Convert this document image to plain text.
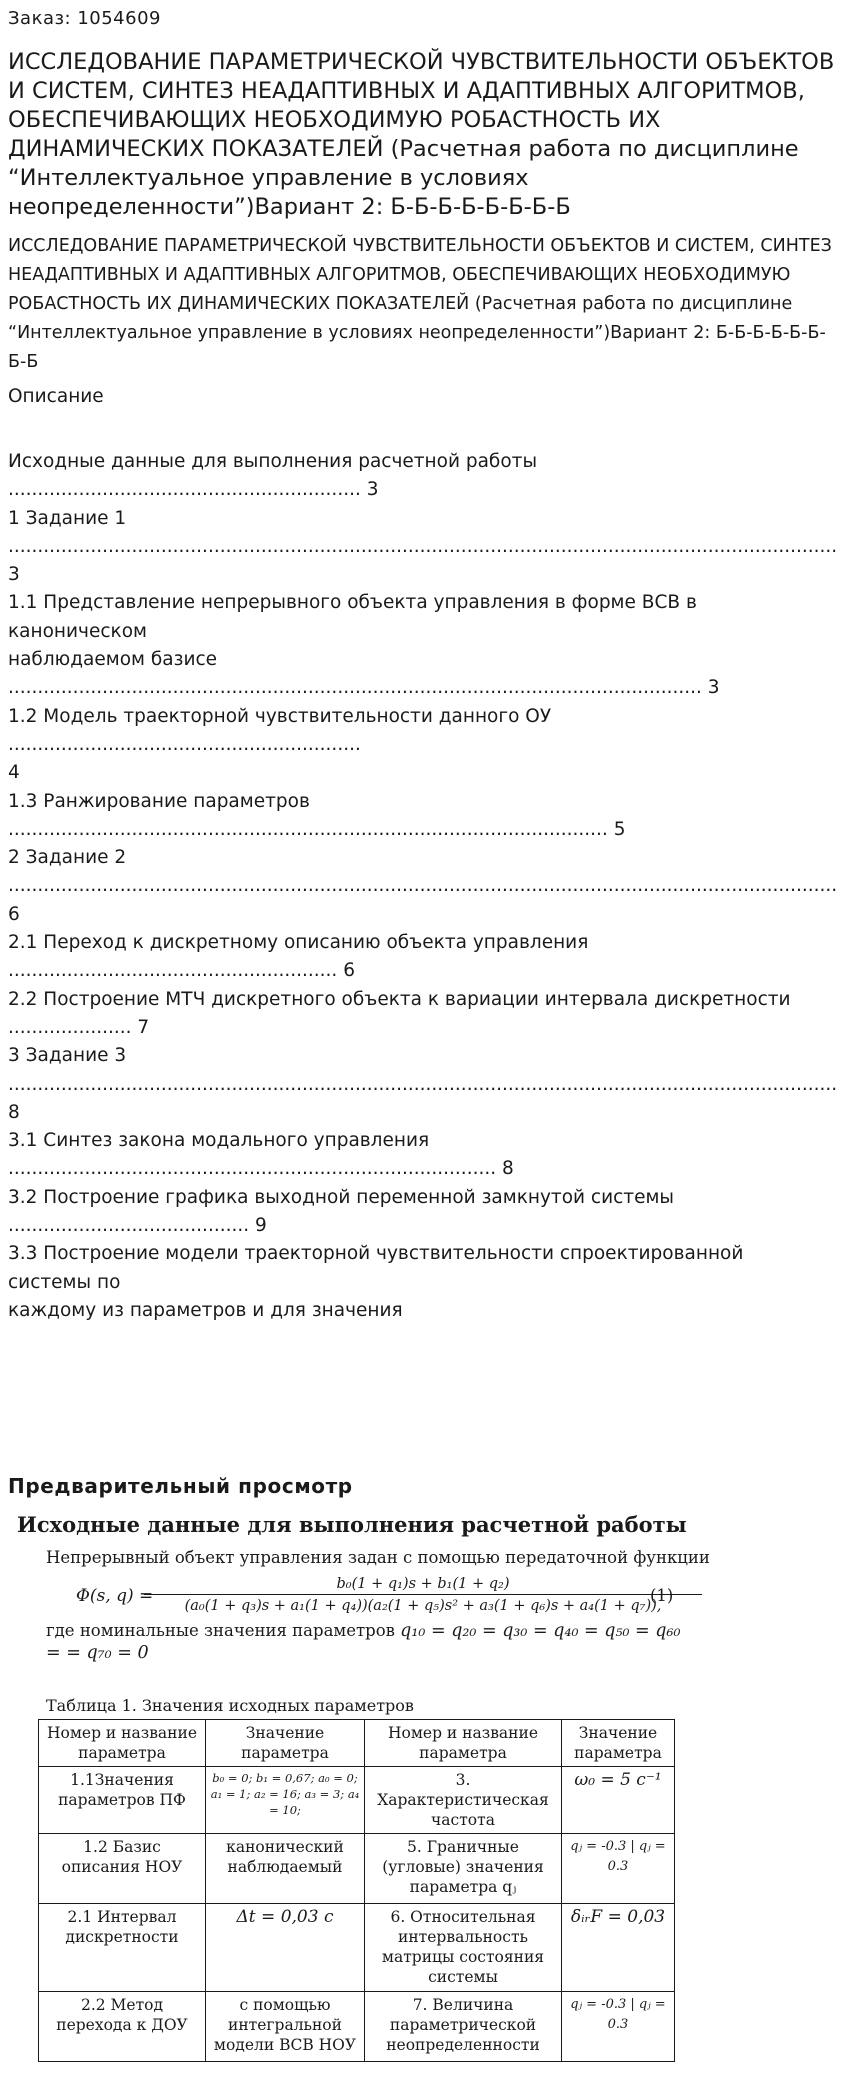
Заказ: 1054609
ИССЛЕДОВАНИЕ ПАРАМЕТРИЧЕСКОЙ ЧУВСТВИТЕЛЬНОСТИ ОБЪЕКТОВ И СИСТЕМ, СИНТЕЗ НЕАДАПТИВНЫХ И АДАПТИВНЫХ АЛГОРИТМОВ, ОБЕСПЕЧИВАЮЩИХ НЕОБХОДИМУЮ РОБАСТНОСТЬ ИХ ДИНАМИЧЕСКИХ ПОКАЗАТЕЛЕЙ (Расчетная работа по дисциплине “Интеллектуальное управление в условиях неопределенности”)Вариант 2: Б-Б-Б-Б-Б-Б-Б-Б
ИССЛЕДОВАНИЕ ПАРАМЕТРИЧЕСКОЙ ЧУВСТВИТЕЛЬНОСТИ ОБЪЕКТОВ И СИСТЕМ, СИНТЕЗ НЕАДАПТИВНЫХ И АДАПТИВНЫХ АЛГОРИТМОВ, ОБЕСПЕЧИВАЮЩИХ НЕОБХОДИМУЮ РОБАСТНОСТЬ ИХ ДИНАМИЧЕСКИХ ПОКАЗАТЕЛЕЙ (Расчетная работа по дисциплине “Интеллектуальное управление в условиях неопределенности”)Вариант 2: Б-Б-Б-Б-Б-Б-Б-Б
Описание
Исходные данные для выполнения расчетной работы
............................................................ 3
1 Задание 1
.............................................................................................................................................
3
1.1 Представление непрерывного объекта управления в форме ВСВ в
каноническом
наблюдаемом базисе
...................................................................................................................... 3
1.2 Модель траекторной чувствительности данного ОУ
............................................................
4
1.3 Ранжирование параметров
...................................................................................................... 5
2 Задание 2
.............................................................................................................................................
6
2.1 Переход к дискретному описанию объекта управления
........................................................ 6
2.2 Построение МТЧ дискретного объекта к вариации интервала дискретности
..................... 7
3 Задание 3
.............................................................................................................................................
8
3.1 Синтез закона модального управления
................................................................................... 8
3.2 Построение графика выходной переменной замкнутой системы
......................................... 9
3.3 Построение модели траекторной чувствительности спроектированной
системы по
каждому из параметров и для значения
Предварительный просмотр
Исходные данные для выполнения расчетной работы
Непрерывный объект управления задан с помощью передаточной функции
Φ(s, q) =
b₀(1 + q₁)s + b₁(1 + q₂)
(a₀(1 + q₃)s + a₁(1 + q₄))(a₂(1 + q₅)s² + a₃(1 + q₆)s + a₄(1 + q₇)),
(1)
где номинальные значения параметров q₁₀ = q₂₀ = q₃₀ = q₄₀ = q₅₀ = q₆₀ = = q₇₀ = 0
Таблица 1. Значения исходных параметров
Номер и название параметра	Значение параметра	Номер и название параметра	Значение параметра
1.1Значения параметров ПФ	b₀ = 0; b₁ = 0,67; a₀ = 0; a₁ = 1; a₂ = 16; a₃ = 3; a₄ = 10;	3. Характеристическая частота	ω₀ = 5 с⁻¹
1.2 Базис описания НОУ	канонический наблюдаемый	5. Граничные (угловые) значения параметра qⱼ	qⱼ = -0.3 | qⱼ = 0.3
2.1 Интервал дискретности	Δt = 0,03 с	6. Относительная интервальность матрицы состояния системы	δᵢᵣF = 0,03
2.2 Метод перехода к ДОУ	с помощью интегральной модели ВСВ НОУ	7. Величина параметрической неопределенности	qⱼ = -0.3 | qⱼ = 0.3
